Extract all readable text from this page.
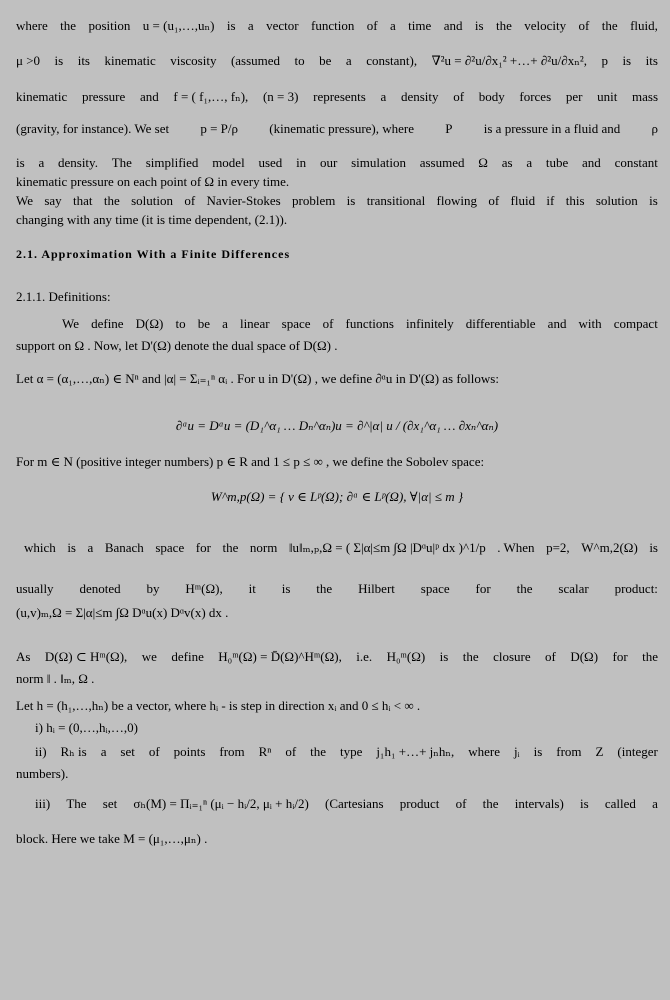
where the position u = (u₁,…,uₙ) is a vector function of a time and is the velocity of the fluid,
μ >0 is its kinematic viscosity (assumed to be a constant), ∇²u = ∂²u/∂x₁² +…+ ∂²u/∂xₙ², p is its
kinematic pressure and f = ( f₁,…, fₙ), (n = 3) represents a density of body forces per unit mass
(gravity, for instance). We set p = P/ρ (kinematic pressure), where P is a pressure in a fluid and ρ
is a density. The simplified model used in our simulation assumed Ω as a tube and constant
kinematic pressure on each point of Ω in every time.
We say that the solution of Navier-Stokes problem is transitional flowing of fluid if this solution is
changing with any time (it is time dependent, (2.1)).
2.1. Approximation With a Finite Differences
2.1.1. Definitions:
We define D(Ω) to be a linear space of functions infinitely differentiable and with compact
support on Ω . Now, let D'(Ω) denote the dual space of D(Ω) .
Let α = (α₁,…,αₙ) ∈ Nⁿ and |α| = Σᵢ₌₁ⁿ αᵢ . For u in D'(Ω) , we define ∂ᵅu in D'(Ω) as follows:
∂ᵅu = Dᵅu = (D₁^α₁ … Dₙ^αₙ)u = ∂^|α| u / (∂x₁^α₁ … ∂xₙ^αₙ)
For m ∈ N (positive integer numbers) p ∈ R and 1 ≤ p ≤ ∞ , we define the Sobolev space:
W^m,p(Ω) = { v ∈ Lᵖ(Ω); ∂ᵅ ∈ Lᵖ(Ω), ∀|α| ≤ m }
which is a Banach space for the norm ‖u‖ₘ,ₚ,Ω = ( Σ|α|≤m ∫Ω |Dᵅu|ᵖ dx )^1/p . When p=2, W^m,2(Ω) is
usually denoted by Hᵐ(Ω), it is the Hilbert space for the scalar product:
(u,v)ₘ,Ω = Σ|α|≤m ∫Ω Dᵅu(x) Dᵅv(x) dx .
As D(Ω) ⊂ Hᵐ(Ω), we define H₀ᵐ(Ω) = D̄(Ω)^Hᵐ(Ω), i.e. H₀ᵐ(Ω) is the closure of D(Ω) for the
norm ‖ . ‖ₘ, Ω .
Let h = (h₁,…,hₙ) be a vector, where hᵢ - is step in direction xᵢ and 0 ≤ hᵢ < ∞ .
i) hᵢ = (0,…,hᵢ,…,0)
ii) Rₕ is a set of points from Rⁿ of the type j₁h₁ +…+ jₙhₙ, where jᵢ is from Z (integer
numbers).
iii) The set σₕ(M) = Πᵢ₌₁ⁿ (μᵢ − hᵢ/2, μᵢ + hᵢ/2) (Cartesians product of the intervals) is called a
block. Here we take M = (μ₁,…,μₙ) .
